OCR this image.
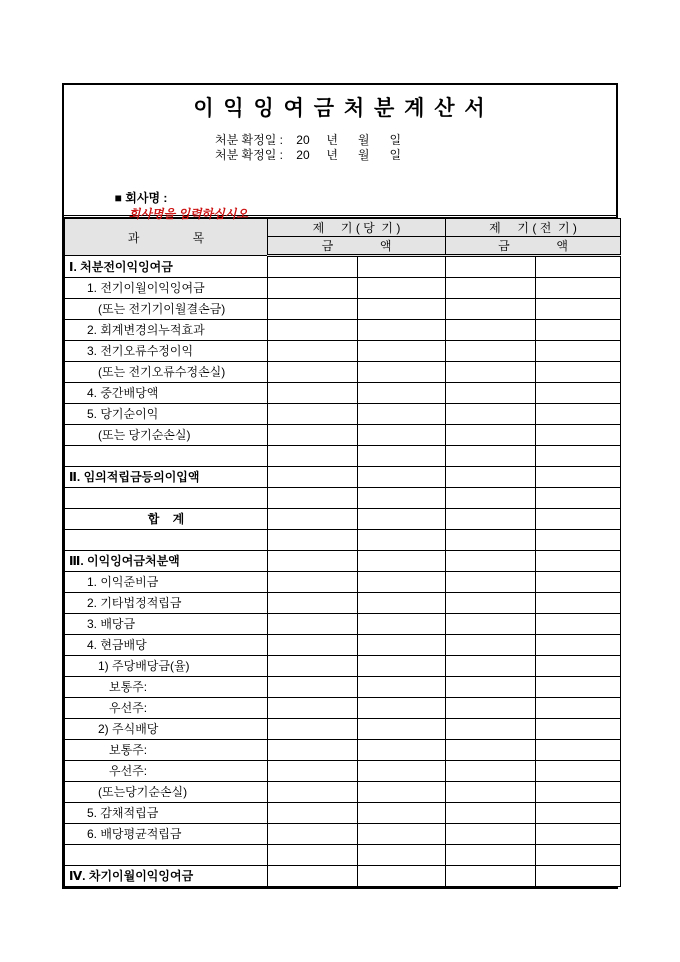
이 익 잉 여 금 처 분 계 산 서
처분 확정일 :    20     년      월      일
처분 확정일 :    20     년      월      일

■ 회사명 :
회사명을 입력하십시오

과                목	제     기 ( 당  기 )		제     기 ( 전  기 )	
	금              액		금              액	
Ⅰ. 처분전이익잉여금				
1. 전기이월이익잉여금				
(또는 전기기이월결손금)				
2. 회계변경의누적효과				
3. 전기오류수정이익				
(또는 전기오류수정손실)				
4. 중간배당액				
5. 당기순이익				
(또는 당기순손실)				

Ⅱ. 임의적립금등의이입액				

합    계				

Ⅲ. 이익잉여금처분액				
1. 이익준비금				
2. 기타법정적립금				
3. 배당금				
4. 현금배당				
1) 주당배당금(율)				
보통주:				
우선주:				
2) 주식배당				
보통주:				
우선주:				
(또는당기순손실)				
5. 감채적립금				
6. 배당평균적립금				

Ⅳ. 차기이월이익잉여금				
